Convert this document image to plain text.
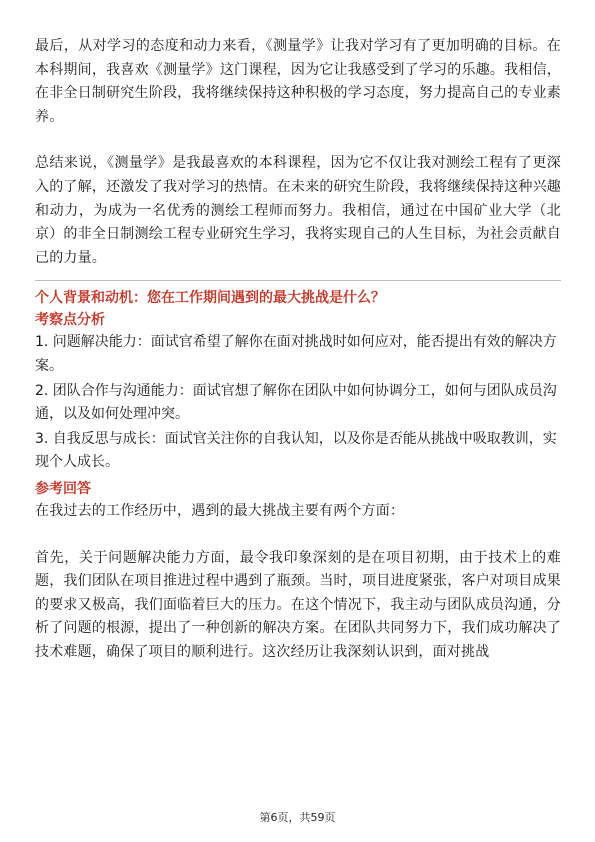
最后，从对学习的态度和动力来看，《测量学》让我对学习有了更加明确的目标。在本科期间，我喜欢《测量学》这门课程，因为它让我感受到了学习的乐趣。我相信，在非全日制研究生阶段，我将继续保持这种积极的学习态度，努力提高自己的专业素养。

总结来说，《测量学》是我最喜欢的本科课程，因为它不仅让我对测绘工程有了更深入的了解，还激发了我对学习的热情。在未来的研究生阶段，我将继续保持这种兴趣和动力，为成为一名优秀的测绘工程师而努力。我相信，通过在中国矿业大学（北京）的非全日制测绘工程专业研究生学习，我将实现自己的人生目标，为社会贡献自己的力量。

个人背景和动机：您在工作期间遇到的最大挑战是什么？
考察点分析
1. 问题解决能力：面试官希望了解你在面对挑战时如何应对，能否提出有效的解决方案。
2. 团队合作与沟通能力：面试官想了解你在团队中如何协调分工，如何与团队成员沟通，以及如何处理冲突。
3. 自我反思与成长：面试官关注你的自我认知，以及你是否能从挑战中吸取教训，实现个人成长。
参考回答

在我过去的工作经历中，遇到的最大挑战主要有两个方面：

首先，关于问题解决能力方面，最令我印象深刻的是在项目初期，由于技术上的难题，我们团队在项目推进过程中遇到了瓶颈。当时，项目进度紧张，客户对项目成果的要求又极高，我们面临着巨大的压力。在这个情况下，我主动与团队成员沟通，分析了问题的根源，提出了一种创新的解决方案。在团队共同努力下，我们成功解决了技术难题，确保了项目的顺利进行。这次经历让我深刻认识到，面对挑战

第6页，共59页
